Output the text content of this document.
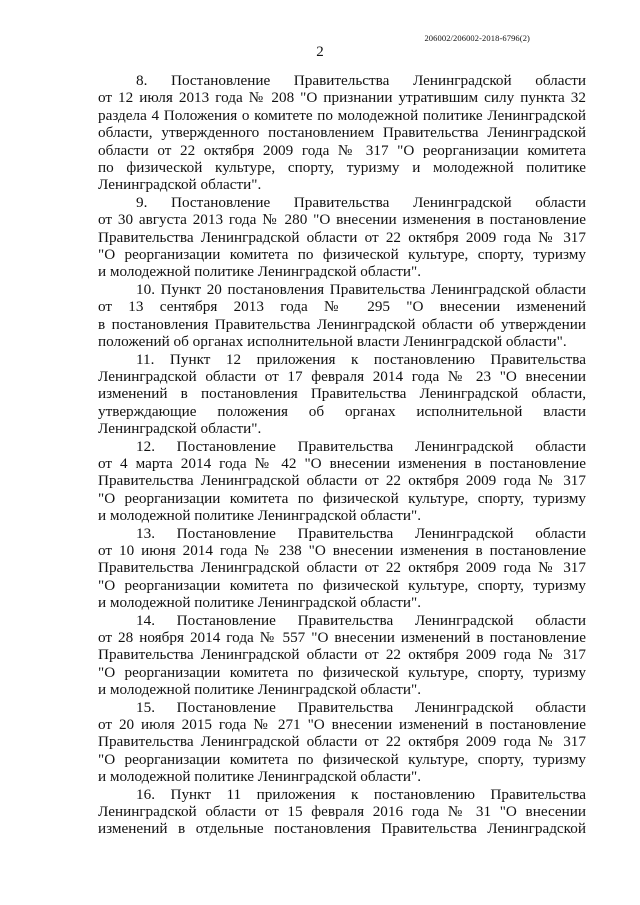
206002/206002-2018-6796(2)
2

8. Постановление Правительства Ленинградской области
от 12 июля 2013 года № 208 "О признании утратившим силу пункта 32
раздела 4 Положения о комитете по молодежной политике Ленинградской
области, утвержденного постановлением Правительства Ленинградской
области от 22 октября 2009 года № 317 "О реорганизации комитета
по физической культуре, спорту, туризму и молодежной политике
Ленинградской области".

9. Постановление Правительства Ленинградской области
от 30 августа 2013 года № 280 "О внесении изменения в постановление
Правительства Ленинградской области от 22 октября 2009 года № 317
"О реорганизации комитета по физической культуре, спорту, туризму
и молодежной политике Ленинградской области".

10. Пункт 20 постановления Правительства Ленинградской области
от 13 сентября 2013 года № 295 "О внесении изменений
в постановления Правительства Ленинградской области об утверждении
положений об органах исполнительной власти Ленинградской области".

11. Пункт 12 приложения к постановлению Правительства
Ленинградской области от 17 февраля 2014 года № 23 "О внесении
изменений в постановления Правительства Ленинградской области,
утверждающие положения об органах исполнительной власти
Ленинградской области".

12. Постановление Правительства Ленинградской области
от 4 марта 2014 года № 42 "О внесении изменения в постановление
Правительства Ленинградской области от 22 октября 2009 года № 317
"О реорганизации комитета по физической культуре, спорту, туризму
и молодежной политике Ленинградской области".

13. Постановление Правительства Ленинградской области
от 10 июня 2014 года № 238 "О внесении изменения в постановление
Правительства Ленинградской области от 22 октября 2009 года № 317
"О реорганизации комитета по физической культуре, спорту, туризму
и молодежной политике Ленинградской области".

14. Постановление Правительства Ленинградской области
от 28 ноября 2014 года № 557 "О внесении изменений в постановление
Правительства Ленинградской области от 22 октября 2009 года № 317
"О реорганизации комитета по физической культуре, спорту, туризму
и молодежной политике Ленинградской области".

15. Постановление Правительства Ленинградской области
от 20 июля 2015 года № 271 "О внесении изменений в постановление
Правительства Ленинградской области от 22 октября 2009 года № 317
"О реорганизации комитета по физической культуре, спорту, туризму
и молодежной политике Ленинградской области".

16. Пункт 11 приложения к постановлению Правительства
Ленинградской области от 15 февраля 2016 года № 31 "О внесении
изменений в отдельные постановления Правительства Ленинградской
